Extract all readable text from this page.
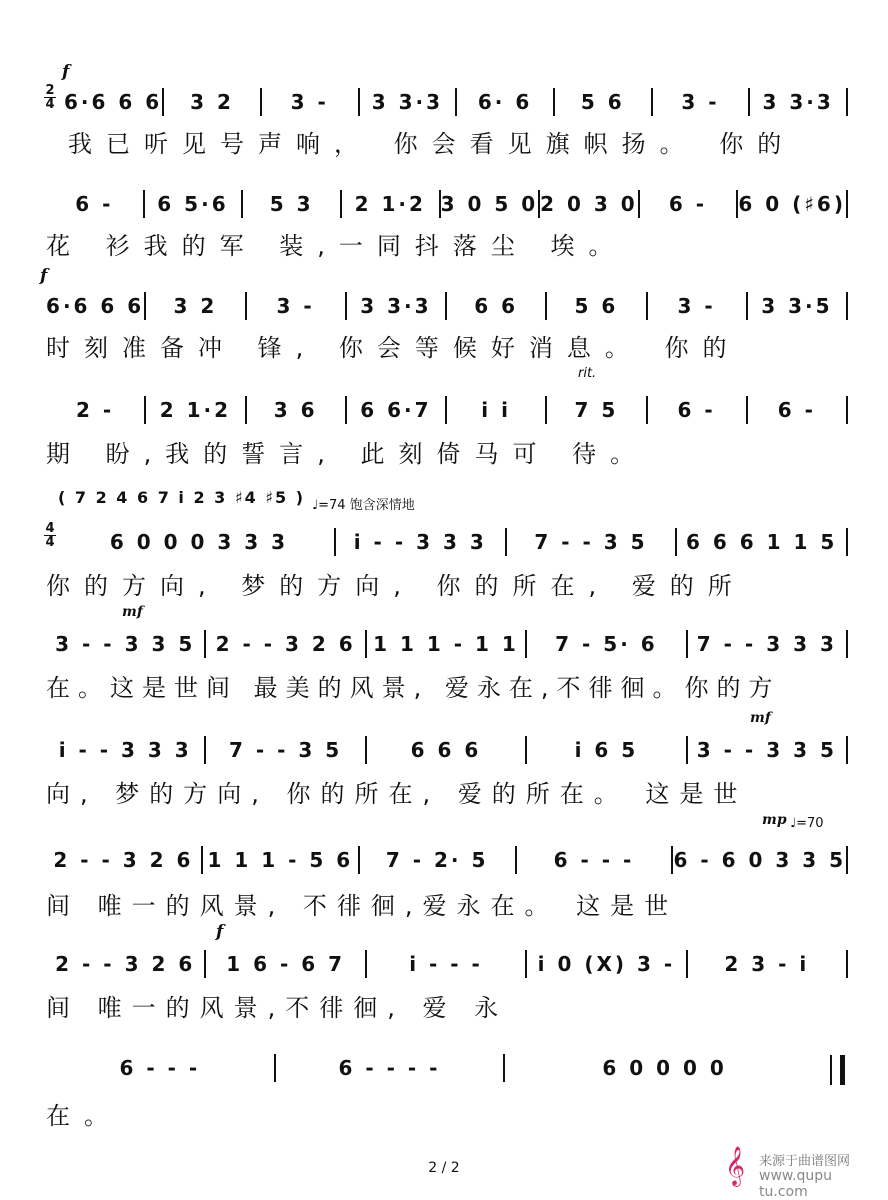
2
4
f
6·6 6 6	3 2	3 -	3 3·3	6· 6	5 6	3 -	3 3·3
我已听见号声响， 你会看见旗帜扬。 你的
6 -	6 5·6	5 3	2 1·2 3 0 5 0 2 0 3 0	6 -	6 0 (♯6)
花 衫我的军 装,一同抖落尘 埃。
f
6·6 6 6	3 2	3 -	3 3·3	6 6	5 6	3 -	3 3·5
时刻准备冲 锋, 你会等候好消息。 你的
rit.
2 -	2 1·2	3 6	6 6·7	i i	7 5	6 -	6 -
期 盼,我的誓言, 此刻倚马可 待。
( 7 2 4 6 7 i 2 3 ♯4 ♯5 ) ♩=74 饱含深情地
4
4	6 0 0 0 3 3 3	i - - 3 3 3	7 - - 3 5	6 6 6 1 1 5
你的方向, 梦的方向, 你的所在, 爱的所
mf
3 - - 3 3 5	2 - - 3 2 6 1 1 1 - 1 1	7 - 5· 6	7 - - 3 3 3
在。这是世间 最美的风景, 爱永在,不徘徊。你的方
mf
i - - 3 3 3	7 - - 3 5	6 6 6	i 6 5	3 - - 3 3 5
向, 梦的方向, 你的所在, 爱的所在。 这是世
mp ♩=70
2 - - 3 2 6 1 1 1 - 5 6	7 - 2· 5	6 - - -	6 - 6 0 3 3 5
间 唯一的风景, 不徘徊,爱永在。 这是世
f
2 - - 3 2 6	1 6 - 6 7	i - - -	i 0 (X) 3 -	2 3 - i
间 唯一的风景,不徘徊, 爱 永
6 - - -	6 - - - -	6 0 0 0 0
在。
2 / 2	𝄞 来源于曲谱图网
www.qupu tu.com
